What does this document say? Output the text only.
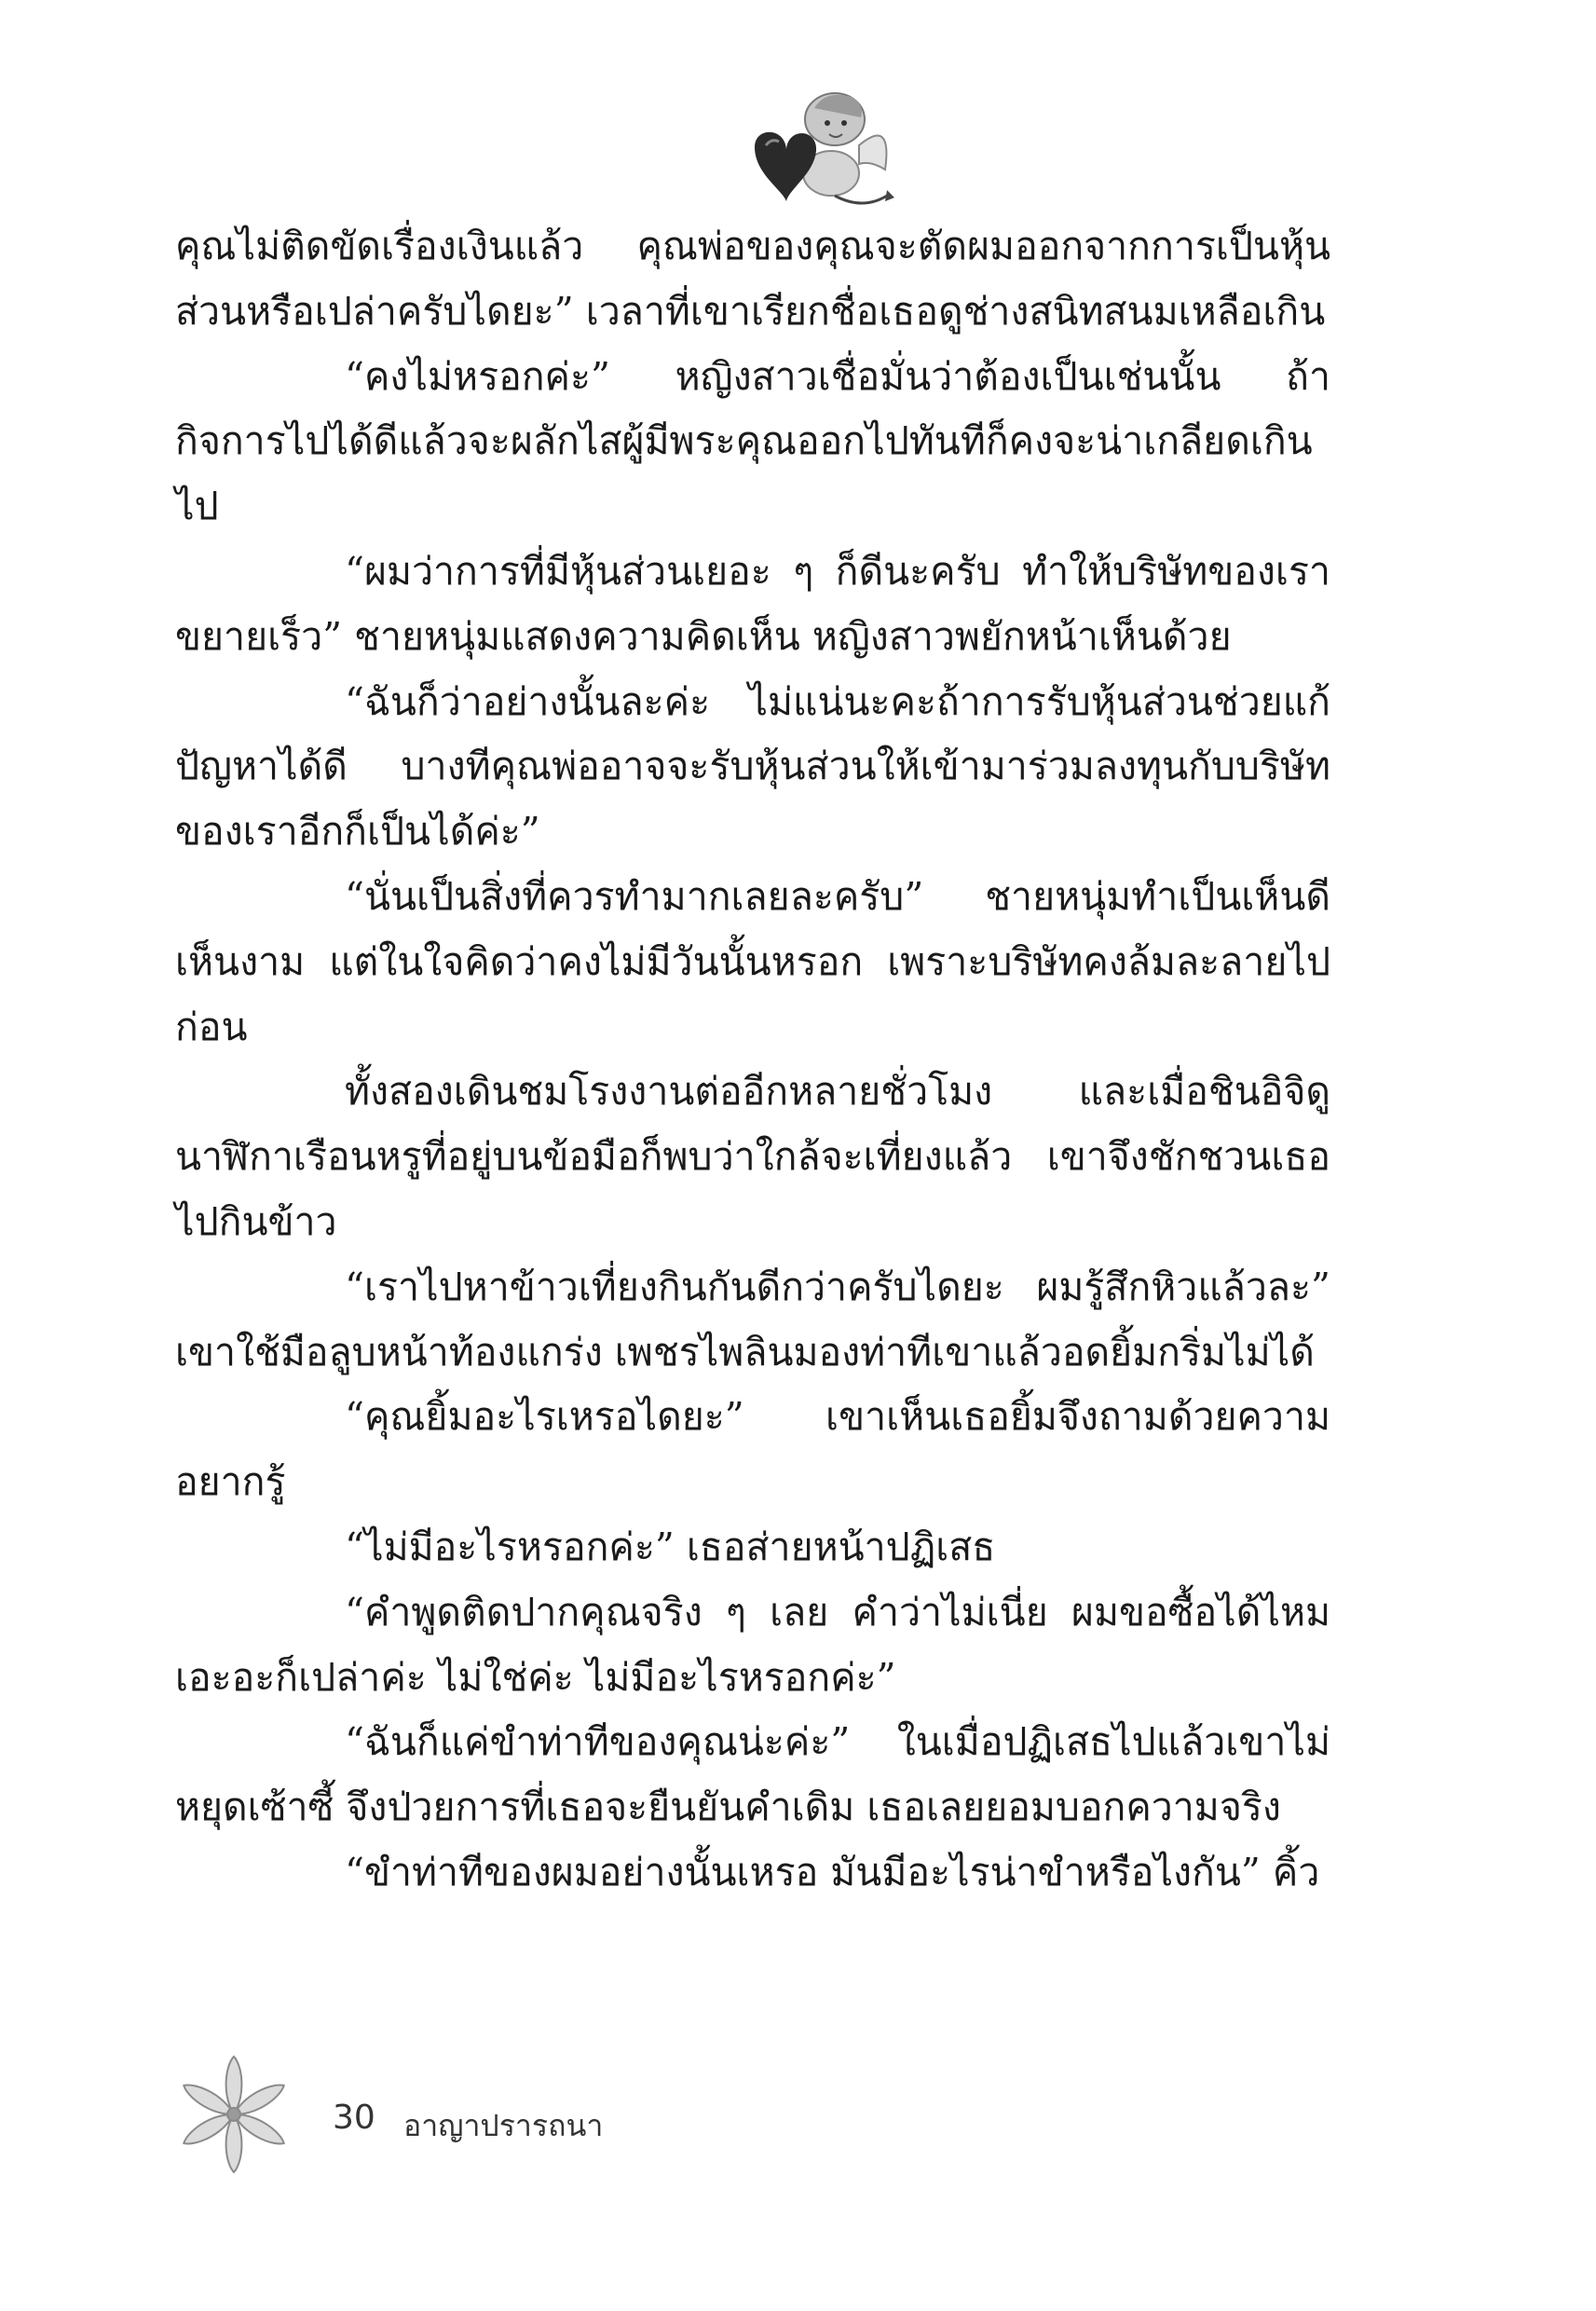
คุณไม่ติดขัดเรื่องเงินแล้ว คุณพ่อของคุณจะตัดผมออกจากการเป็นหุ้นส่วนหรือเปล่าครับไดยะ” เวลาที่เขาเรียกชื่อเธอดูช่างสนิทสนมเหลือเกิน

“คงไม่หรอกค่ะ” หญิงสาวเชื่อมั่นว่าต้องเป็นเช่นนั้น ถ้ากิจการไปได้ดีแล้วจะผลักไสผู้มีพระคุณออกไปทันทีก็คงจะน่าเกลียดเกินไป

“ผมว่าการที่มีหุ้นส่วนเยอะ ๆ ก็ดีนะครับ ทำให้บริษัทของเราขยายเร็ว” ชายหนุ่มแสดงความคิดเห็น หญิงสาวพยักหน้าเห็นด้วย

“ฉันก็ว่าอย่างนั้นละค่ะ ไม่แน่นะคะถ้าการรับหุ้นส่วนช่วยแก้ปัญหาได้ดี บางทีคุณพ่ออาจจะรับหุ้นส่วนให้เข้ามาร่วมลงทุนกับบริษัทของเราอีกก็เป็นได้ค่ะ”

“นั่นเป็นสิ่งที่ควรทำมากเลยละครับ” ชายหนุ่มทำเป็นเห็นดีเห็นงาม แต่ในใจคิดว่าคงไม่มีวันนั้นหรอก เพราะบริษัทคงล้มละลายไปก่อน

ทั้งสองเดินชมโรงงานต่ออีกหลายชั่วโมง และเมื่อชินอิจิดูนาฬิกาเรือนหรูที่อยู่บนข้อมือก็พบว่าใกล้จะเที่ยงแล้ว เขาจึงชักชวนเธอไปกินข้าว

“เราไปหาข้าวเที่ยงกินกันดีกว่าครับไดยะ ผมรู้สึกหิวแล้วละ” เขาใช้มือลูบหน้าท้องแกร่ง เพชรไพลินมองท่าทีเขาแล้วอดยิ้มกริ่มไม่ได้

“คุณยิ้มอะไรเหรอไดยะ” เขาเห็นเธอยิ้มจึงถามด้วยความอยากรู้

“ไม่มีอะไรหรอกค่ะ” เธอส่ายหน้าปฏิเสธ

“คำพูดติดปากคุณจริง ๆ เลย คำว่าไม่เนี่ย ผมขอซื้อได้ไหมเอะอะก็เปล่าค่ะ ไม่ใช่ค่ะ ไม่มีอะไรหรอกค่ะ”

“ฉันก็แค่ขำท่าทีของคุณน่ะค่ะ” ในเมื่อปฏิเสธไปแล้วเขาไม่หยุดเซ้าซี้ จึงป่วยการที่เธอจะยืนยันคำเดิม เธอเลยยอมบอกความจริง

“ขำท่าทีของผมอย่างนั้นเหรอ มันมีอะไรน่าขำหรือไงกัน” คิ้ว

30 อาญาปรารถนา
